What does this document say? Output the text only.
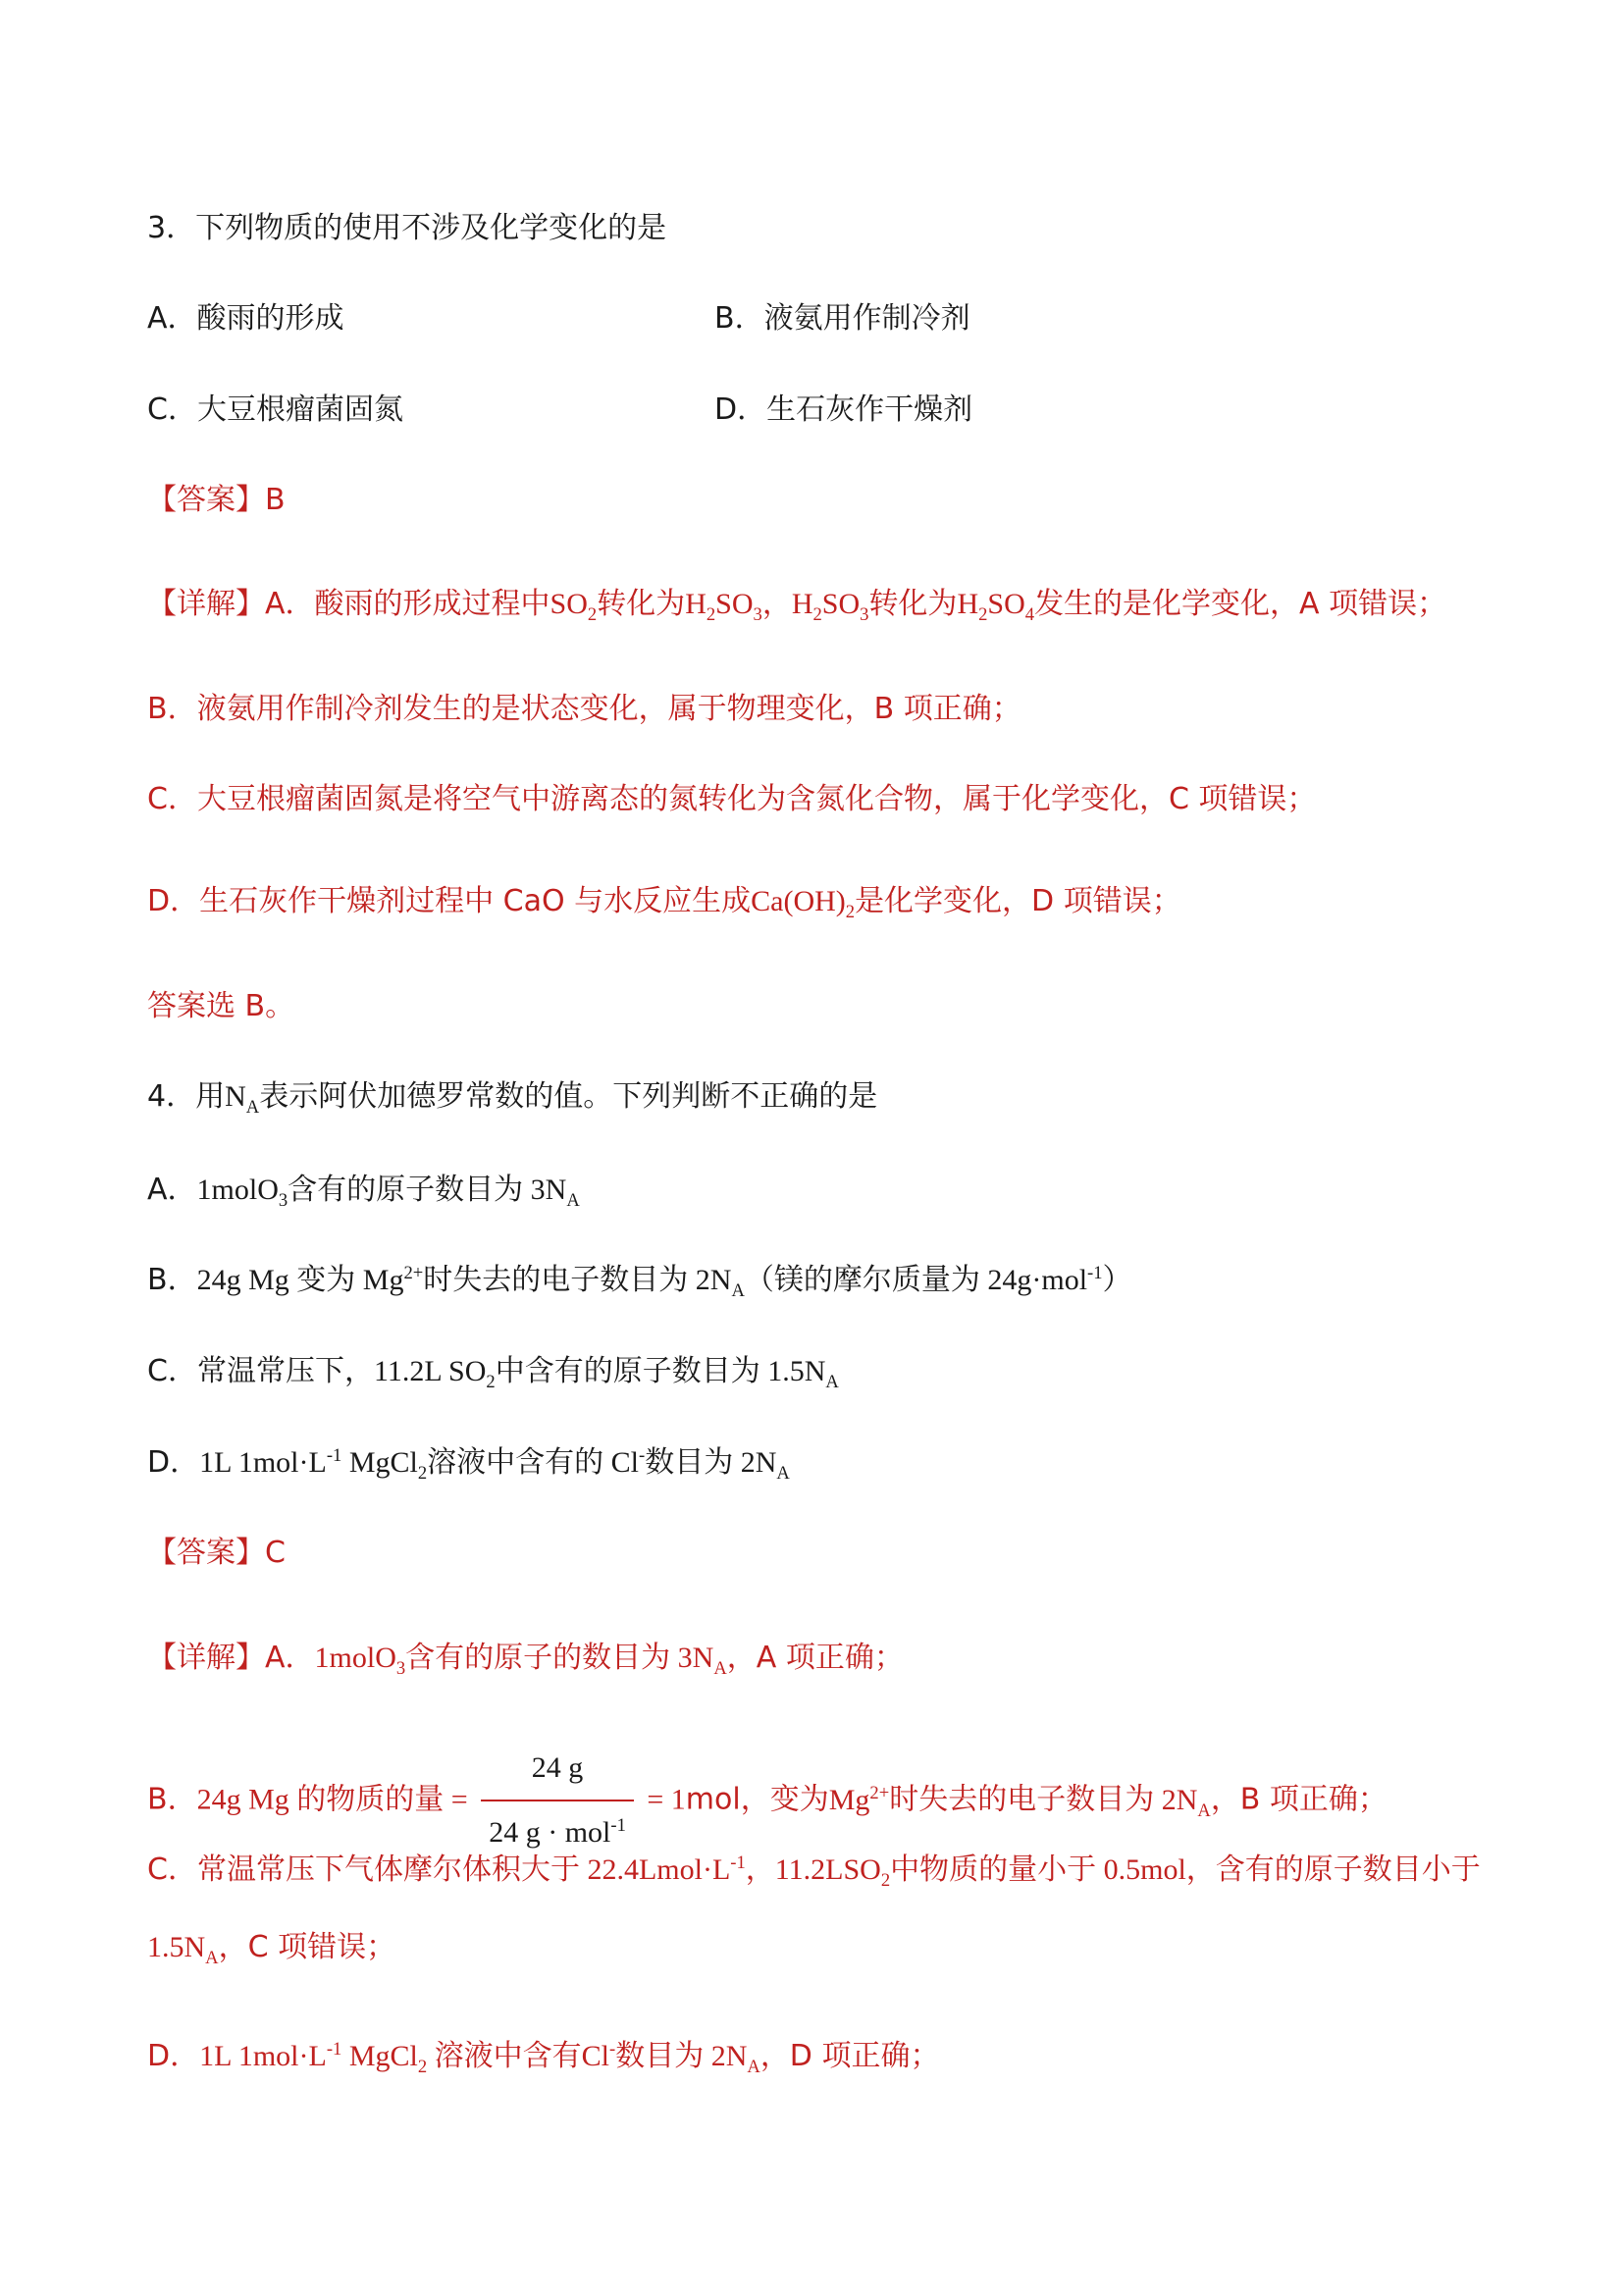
3．下列物质的使用不涉及化学变化的是
A．酸雨的形成	B．液氨用作制冷剂
C．大豆根瘤菌固氮	D．生石灰作干燥剂
【答案】B
【详解】A．酸雨的形成过程中$SO_2$转化为$H_2SO_3$，$H_2SO_3$转化为$H_2SO_4$发生的是化学变化，A 项错误；
B．液氨用作制冷剂发生的是状态变化，属于物理变化，B 项正确；
C．大豆根瘤菌固氮是将空气中游离态的氮转化为含氮化合物，属于化学变化，C 项错误；
D．生石灰作干燥剂过程中 CaO 与水反应生成$Ca(OH)_2$是化学变化，D 项错误；
答案选 B。
4．用$N_A$表示阿伏加德罗常数的值。下列判断不正确的是
A．1molO$_3$含有的原子数目为 $3N_A$
B．24g Mg 变为 $Mg^{2+}$时失去的电子数目为 $2N_A$（镁的摩尔质量为 24g·mol$^{-1}$）
C．常温常压下，11.2L $SO_2$中含有的原子数目为 $1.5N_A$
D．1L $1mol\cdot L^{-1}$ MgCl$_2$溶液中含有的 Cl-数目为 $2N_A$
【答案】C
【详解】A．1molO$_3$含有的原子的数目为 $3N_A$，A 项正确；
B．24g Mg 的物质的量 = $\frac{24 g}{24 g \cdot mol^{-1}} = 1mol$，变为$Mg^{2+}$时失去的电子数目为 $2N_A$，B 项正确；
C．常温常压下气体摩尔体积大于 $22.4Lmol\cdot L^{-1}$，$11.2LSO_2$中物质的量小于 0.5mol，含有的原子数目小于
$1.5N_A$，C 项错误；
D．1L $1mol\cdot L^{-1}$ MgCl$_2$ 溶液中含有Cl-数目为 $2N_A$，D 项正确；
